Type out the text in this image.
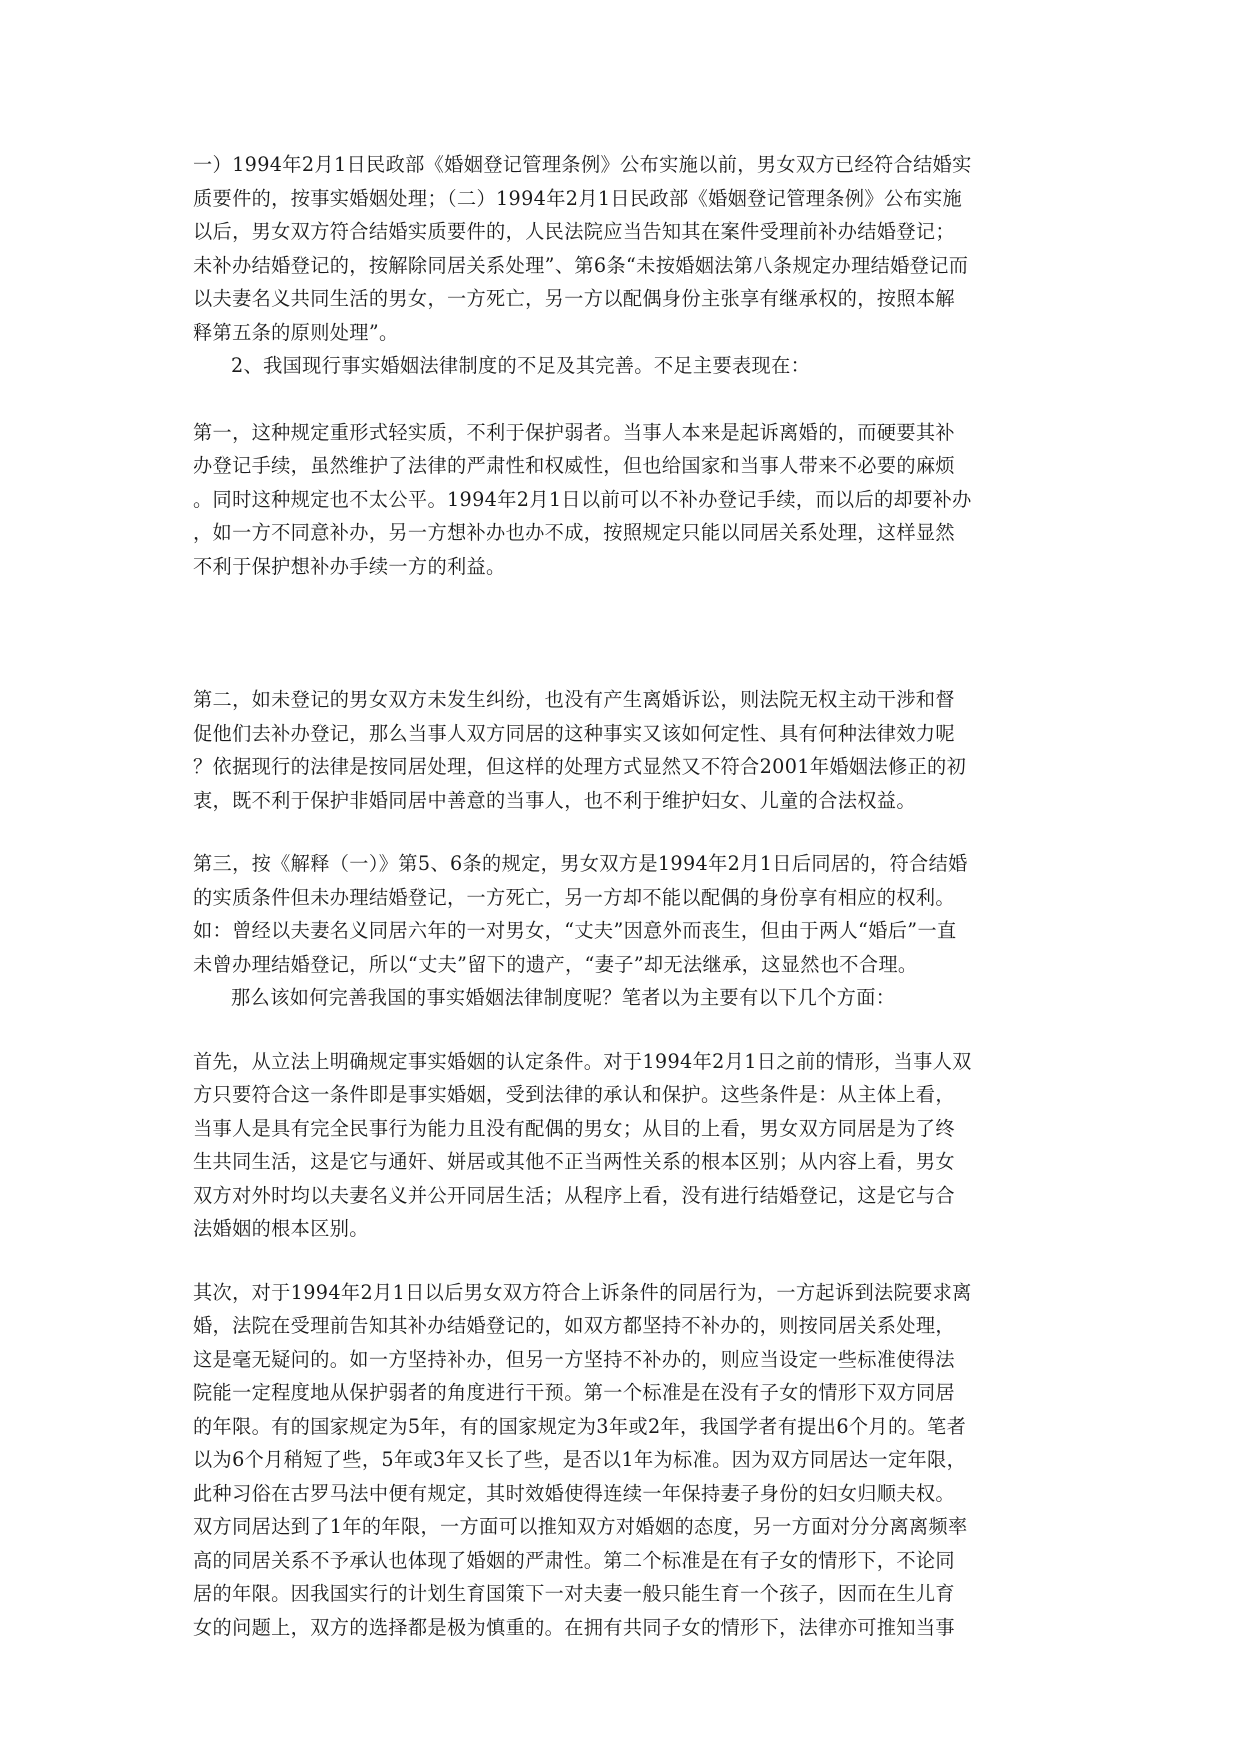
一）1994年2月1日民政部《婚姻登记管理条例》公布实施以前，男女双方已经符合结婚实
质要件的，按事实婚姻处理；（二）1994年2月1日民政部《婚姻登记管理条例》公布实施
以后，男女双方符合结婚实质要件的，人民法院应当告知其在案件受理前补办结婚登记；
未补办结婚登记的，按解除同居关系处理”、第6条“未按婚姻法第八条规定办理结婚登记而
以夫妻名义共同生活的男女，一方死亡，另一方以配偶身份主张享有继承权的，按照本解
释第五条的原则处理”。
2、我国现行事实婚姻法律制度的不足及其完善。不足主要表现在：
第一，这种规定重形式轻实质，不利于保护弱者。当事人本来是起诉离婚的，而硬要其补
办登记手续，虽然维护了法律的严肃性和权威性，但也给国家和当事人带来不必要的麻烦
。同时这种规定也不太公平。1994年2月1日以前可以不补办登记手续，而以后的却要补办
，如一方不同意补办，另一方想补办也办不成，按照规定只能以同居关系处理，这样显然
不利于保护想补办手续一方的利益。
第二，如未登记的男女双方未发生纠纷，也没有产生离婚诉讼，则法院无权主动干涉和督
促他们去补办登记，那么当事人双方同居的这种事实又该如何定性、具有何种法律效力呢
？依据现行的法律是按同居处理，但这样的处理方式显然又不符合2001年婚姻法修正的初
衷，既不利于保护非婚同居中善意的当事人，也不利于维护妇女、儿童的合法权益。
第三，按《解释（一）》第5、6条的规定，男女双方是1994年2月1日后同居的，符合结婚
的实质条件但未办理结婚登记，一方死亡，另一方却不能以配偶的身份享有相应的权利。
如：曾经以夫妻名义同居六年的一对男女，“丈夫”因意外而丧生，但由于两人“婚后”一直
未曾办理结婚登记，所以“丈夫”留下的遗产，“妻子”却无法继承，这显然也不合理。
那么该如何完善我国的事实婚姻法律制度呢？笔者以为主要有以下几个方面：
首先，从立法上明确规定事实婚姻的认定条件。对于1994年2月1日之前的情形，当事人双
方只要符合这一条件即是事实婚姻，受到法律的承认和保护。这些条件是：从主体上看，
当事人是具有完全民事行为能力且没有配偶的男女；从目的上看，男女双方同居是为了终
生共同生活，这是它与通奸、姘居或其他不正当两性关系的根本区别；从内容上看，男女
双方对外时均以夫妻名义并公开同居生活；从程序上看，没有进行结婚登记，这是它与合
法婚姻的根本区别。
其次，对于1994年2月1日以后男女双方符合上诉条件的同居行为，一方起诉到法院要求离
婚，法院在受理前告知其补办结婚登记的，如双方都坚持不补办的，则按同居关系处理，
这是毫无疑问的。如一方坚持补办，但另一方坚持不补办的，则应当设定一些标准使得法
院能一定程度地从保护弱者的角度进行干预。第一个标准是在没有子女的情形下双方同居
的年限。有的国家规定为5年，有的国家规定为3年或2年，我国学者有提出6个月的。笔者
以为6个月稍短了些，5年或3年又长了些，是否以1年为标准。因为双方同居达一定年限，
此种习俗在古罗马法中便有规定，其时效婚使得连续一年保持妻子身份的妇女归顺夫权。
双方同居达到了1年的年限，一方面可以推知双方对婚姻的态度，另一方面对分分离离频率
高的同居关系不予承认也体现了婚姻的严肃性。第二个标准是在有子女的情形下，不论同
居的年限。因我国实行的计划生育国策下一对夫妻一般只能生育一个孩子，因而在生儿育
女的问题上，双方的选择都是极为慎重的。在拥有共同子女的情形下，法律亦可推知当事
